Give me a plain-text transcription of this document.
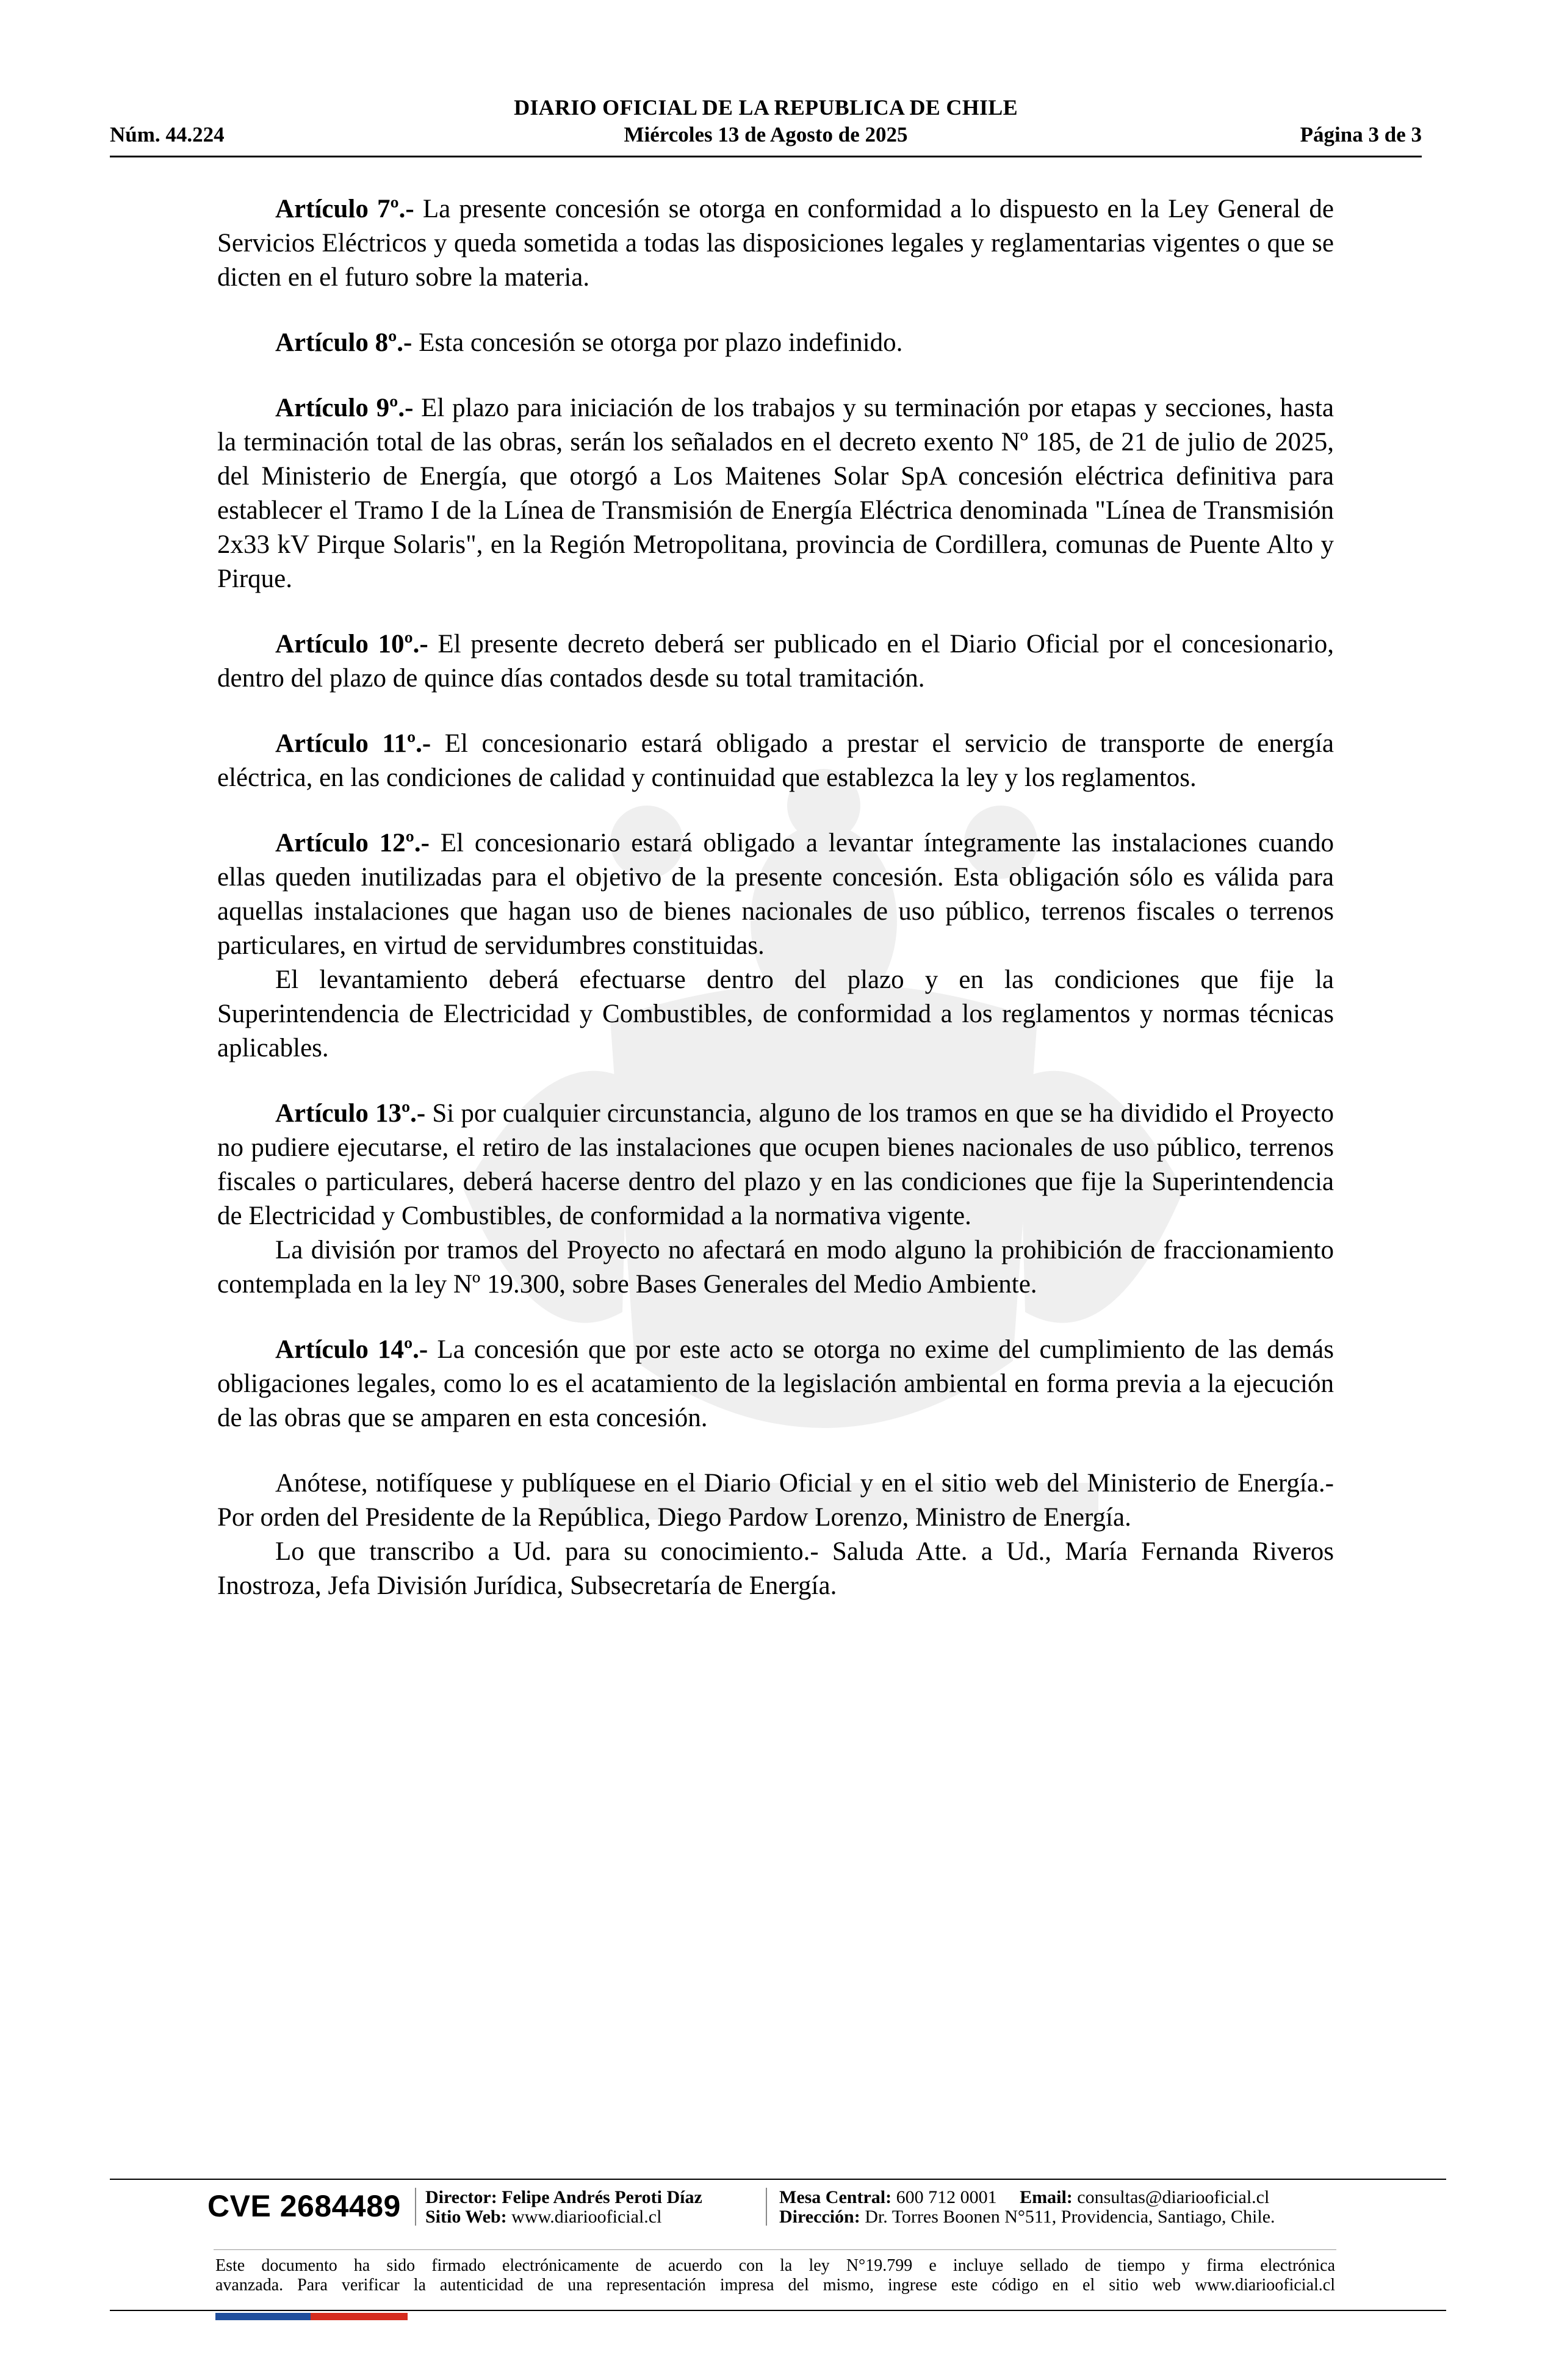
DIARIO OFICIAL DE LA REPUBLICA DE CHILE
Núm. 44.224	Miércoles 13 de Agosto de 2025	Página 3 de 3

Artículo 7º.- La presente concesión se otorga en conformidad a lo dispuesto en la Ley General de Servicios Eléctricos y queda sometida a todas las disposiciones legales y reglamentarias vigentes o que se dicten en el futuro sobre la materia.

Artículo 8º.- Esta concesión se otorga por plazo indefinido.

Artículo 9º.- El plazo para iniciación de los trabajos y su terminación por etapas y secciones, hasta la terminación total de las obras, serán los señalados en el decreto exento Nº 185, de 21 de julio de 2025, del Ministerio de Energía, que otorgó a Los Maitenes Solar SpA concesión eléctrica definitiva para establecer el Tramo I de la Línea de Transmisión de Energía Eléctrica denominada "Línea de Transmisión 2x33 kV Pirque Solaris", en la Región Metropolitana, provincia de Cordillera, comunas de Puente Alto y Pirque.

Artículo 10º.- El presente decreto deberá ser publicado en el Diario Oficial por el concesionario, dentro del plazo de quince días contados desde su total tramitación.

Artículo 11º.- El concesionario estará obligado a prestar el servicio de transporte de energía eléctrica, en las condiciones de calidad y continuidad que establezca la ley y los reglamentos.

Artículo 12º.- El concesionario estará obligado a levantar íntegramente las instalaciones cuando ellas queden inutilizadas para el objetivo de la presente concesión. Esta obligación sólo es válida para aquellas instalaciones que hagan uso de bienes nacionales de uso público, terrenos fiscales o terrenos particulares, en virtud de servidumbres constituidas.

El levantamiento deberá efectuarse dentro del plazo y en las condiciones que fije la Superintendencia de Electricidad y Combustibles, de conformidad a los reglamentos y normas técnicas aplicables.

Artículo 13º.- Si por cualquier circunstancia, alguno de los tramos en que se ha dividido el Proyecto no pudiere ejecutarse, el retiro de las instalaciones que ocupen bienes nacionales de uso público, terrenos fiscales o particulares, deberá hacerse dentro del plazo y en las condiciones que fije la Superintendencia de Electricidad y Combustibles, de conformidad a la normativa vigente.

La división por tramos del Proyecto no afectará en modo alguno la prohibición de fraccionamiento contemplada en la ley Nº 19.300, sobre Bases Generales del Medio Ambiente.

Artículo 14º.- La concesión que por este acto se otorga no exime del cumplimiento de las demás obligaciones legales, como lo es el acatamiento de la legislación ambiental en forma previa a la ejecución de las obras que se amparen en esta concesión.

Anótese, notifíquese y publíquese en el Diario Oficial y en el sitio web del Ministerio de Energía.- Por orden del Presidente de la República, Diego Pardow Lorenzo, Ministro de Energía.

Lo que transcribo a Ud. para su conocimiento.- Saluda Atte. a Ud., María Fernanda Riveros Inostroza, Jefa División Jurídica, Subsecretaría de Energía.

CVE 2684489	Director: Felipe Andrés Peroti Díaz
Sitio Web: www.diariooficial.cl
Mesa Central: 600 712 0001 Email: consultas@diariooficial.cl
Dirección: Dr. Torres Boonen N°511, Providencia, Santiago, Chile.
Este documento ha sido firmado electrónicamente de acuerdo con la ley N°19.799 e incluye sellado de tiempo y firma electrónica
avanzada. Para verificar la autenticidad de una representación impresa del mismo, ingrese este código en el sitio web www.diariooficial.cl
